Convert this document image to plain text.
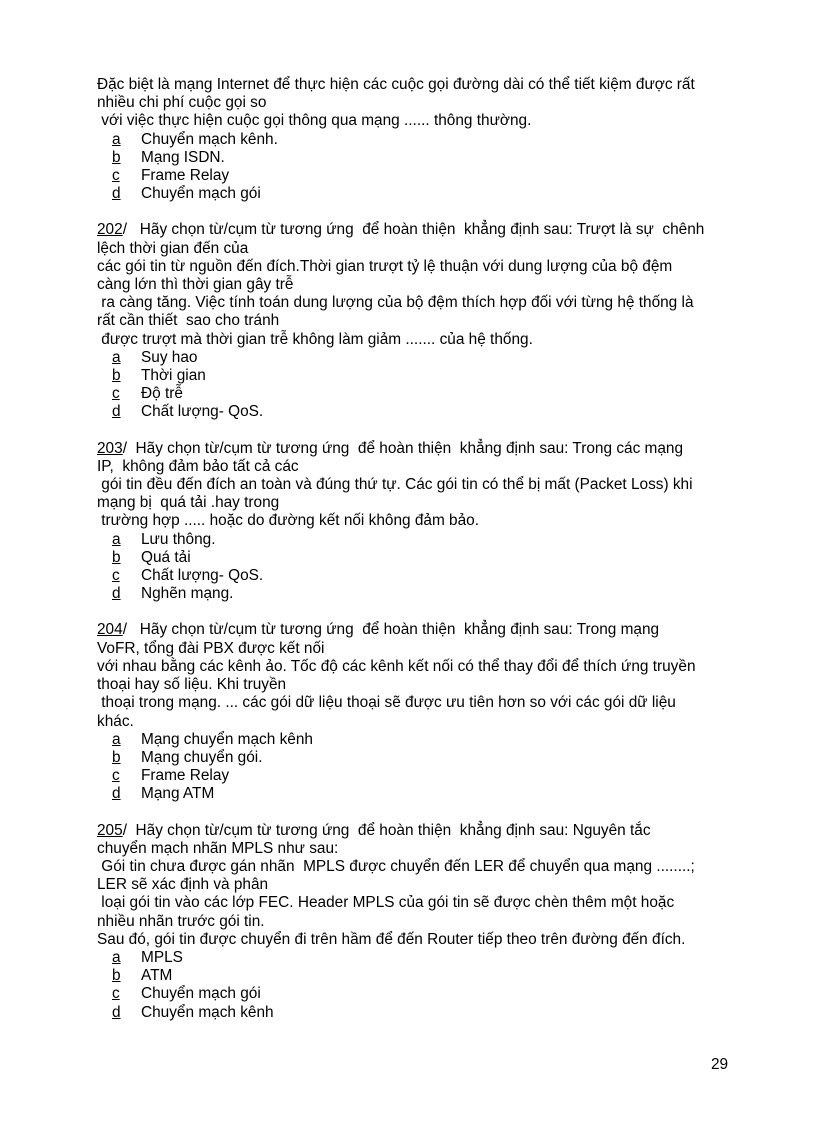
Đặc biệt là mạng Internet để thực hiện các cuộc gọi đường dài có thể tiết kiệm được rất
nhiều chi phí cuộc gọi so
với việc thực hiện cuộc gọi thông qua mạng ...... thông thường.
a Chuyển mạch kênh.
b Mạng ISDN.
c Frame Relay
d Chuyển mạch gói
202/   Hãy chọn từ/cụm từ tương ứng  để hoàn thiện  khẳng định sau: Trượt là sự  chênh
lệch thời gian đến của
các gói tin từ nguồn đến đích.Thời gian trượt tỷ lệ thuận với dung lượng của bộ đệm
càng lớn thì thời gian gây trễ
ra càng tăng. Việc tính toán dung lượng của bộ đệm thích hợp đối với từng hệ thống là
rất cần thiết  sao cho tránh
được trượt mà thời gian trễ không làm giảm ....... của hệ thống.
a Suy hao
b Thời gian
c Độ trễ
d Chất lượng- QoS.
203/  Hãy chọn từ/cụm từ tương ứng  để hoàn thiện  khẳng định sau: Trong các mạng
IP,  không đảm bảo tất cả các
gói tin đều đến đích an toàn và đúng thứ tự. Các gói tin có thể bị mất (Packet Loss) khi
mạng bị  quá tải .hay trong
trường hợp ..... hoặc do đường kết nối không đảm bảo.
a Lưu thông.
b Quá tải
c Chất lượng- QoS.
d Nghẽn mạng.
204/   Hãy chọn từ/cụm từ tương ứng  để hoàn thiện  khẳng định sau: Trong mạng
VoFR, tổng đài PBX được kết nối
với nhau bằng các kênh ảo. Tốc độ các kênh kết nối có thể thay đổi để thích ứng truyền
thoại hay số liệu. Khi truyền
thoại trong mạng. ... các gói dữ liệu thoại sẽ được ưu tiên hơn so với các gói dữ liệu
khác.
a Mạng chuyển mạch kênh
b Mạng chuyển gói.
c Frame Relay
d Mạng ATM
205/  Hãy chọn từ/cụm từ tương ứng  để hoàn thiện  khẳng định sau: Nguyên tắc
chuyển mạch nhãn MPLS như sau:
Gói tin chưa được gán nhãn  MPLS được chuyển đến LER để chuyển qua mạng ........;
LER sẽ xác định và phân
loại gói tin vào các lớp FEC. Header MPLS của gói tin sẽ được chèn thêm một hoặc
nhiều nhãn trước gói tin.
Sau đó, gói tin được chuyển đi trên hầm để đến Router tiếp theo trên đường đến đích.
a MPLS
b ATM
c Chuyển mạch gói
d Chuyển mạch kênh
29
